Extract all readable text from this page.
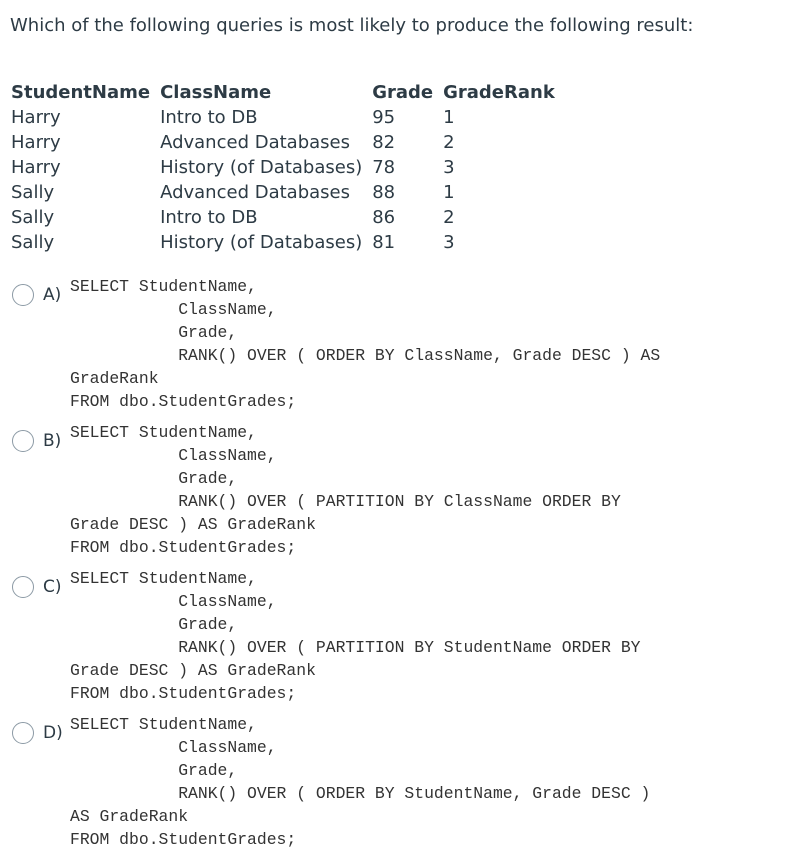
Which of the following queries is most likely to produce the following result:
StudentName	ClassName	Grade	GradeRank
Harry	Intro to DB	95	1
Harry	Advanced Databases	82	2
Harry	History (of Databases)	78	3
Sally	Advanced Databases	88	1
Sally	Intro to DB	86	2
Sally	History (of Databases)	81	3
A) SELECT StudentName,
ClassName,
Grade,
RANK() OVER ( ORDER BY ClassName, Grade DESC ) AS
GradeRank
FROM dbo.StudentGrades;
B) SELECT StudentName,
ClassName,
Grade,
RANK() OVER ( PARTITION BY ClassName ORDER BY
Grade DESC ) AS GradeRank
FROM dbo.StudentGrades;
C) SELECT StudentName,
ClassName,
Grade,
RANK() OVER ( PARTITION BY StudentName ORDER BY
Grade DESC ) AS GradeRank
FROM dbo.StudentGrades;
D) SELECT StudentName,
ClassName,
Grade,
RANK() OVER ( ORDER BY StudentName, Grade DESC )
AS GradeRank
FROM dbo.StudentGrades;
